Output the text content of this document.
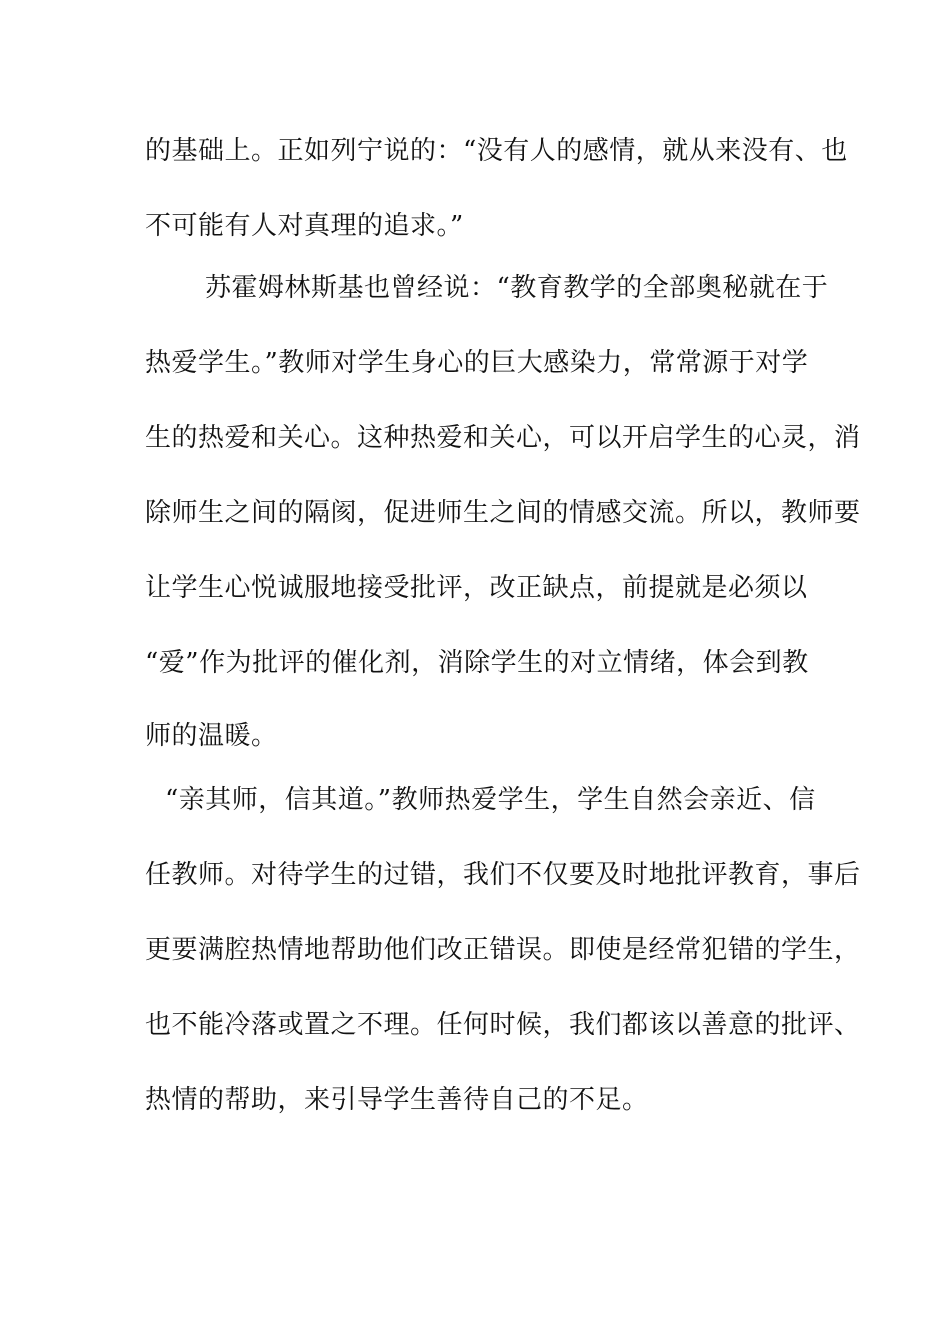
的基础上。正如列宁说的：“没有人的感情，就从来没有、也
不可能有人对真理的追求。”
苏霍姆林斯基也曾经说：“教育教学的全部奥秘就在于
热爱学生。”教师对学生身心的巨大感染力，常常源于对学
生的热爱和关心。这种热爱和关心，可以开启学生的心灵，消
除师生之间的隔阂，促进师生之间的情感交流。所以，教师要
让学生心悦诚服地接受批评，改正缺点，前提就是必须以
“爱”作为批评的催化剂，消除学生的对立情绪，体会到教
师的温暖。
“亲其师，信其道。”教师热爱学生，学生自然会亲近、信
任教师。对待学生的过错，我们不仅要及时地批评教育，事后
更要满腔热情地帮助他们改正错误。即使是经常犯错的学生，
也不能冷落或置之不理。任何时候，我们都该以善意的批评、
热情的帮助，来引导学生善待自己的不足。
